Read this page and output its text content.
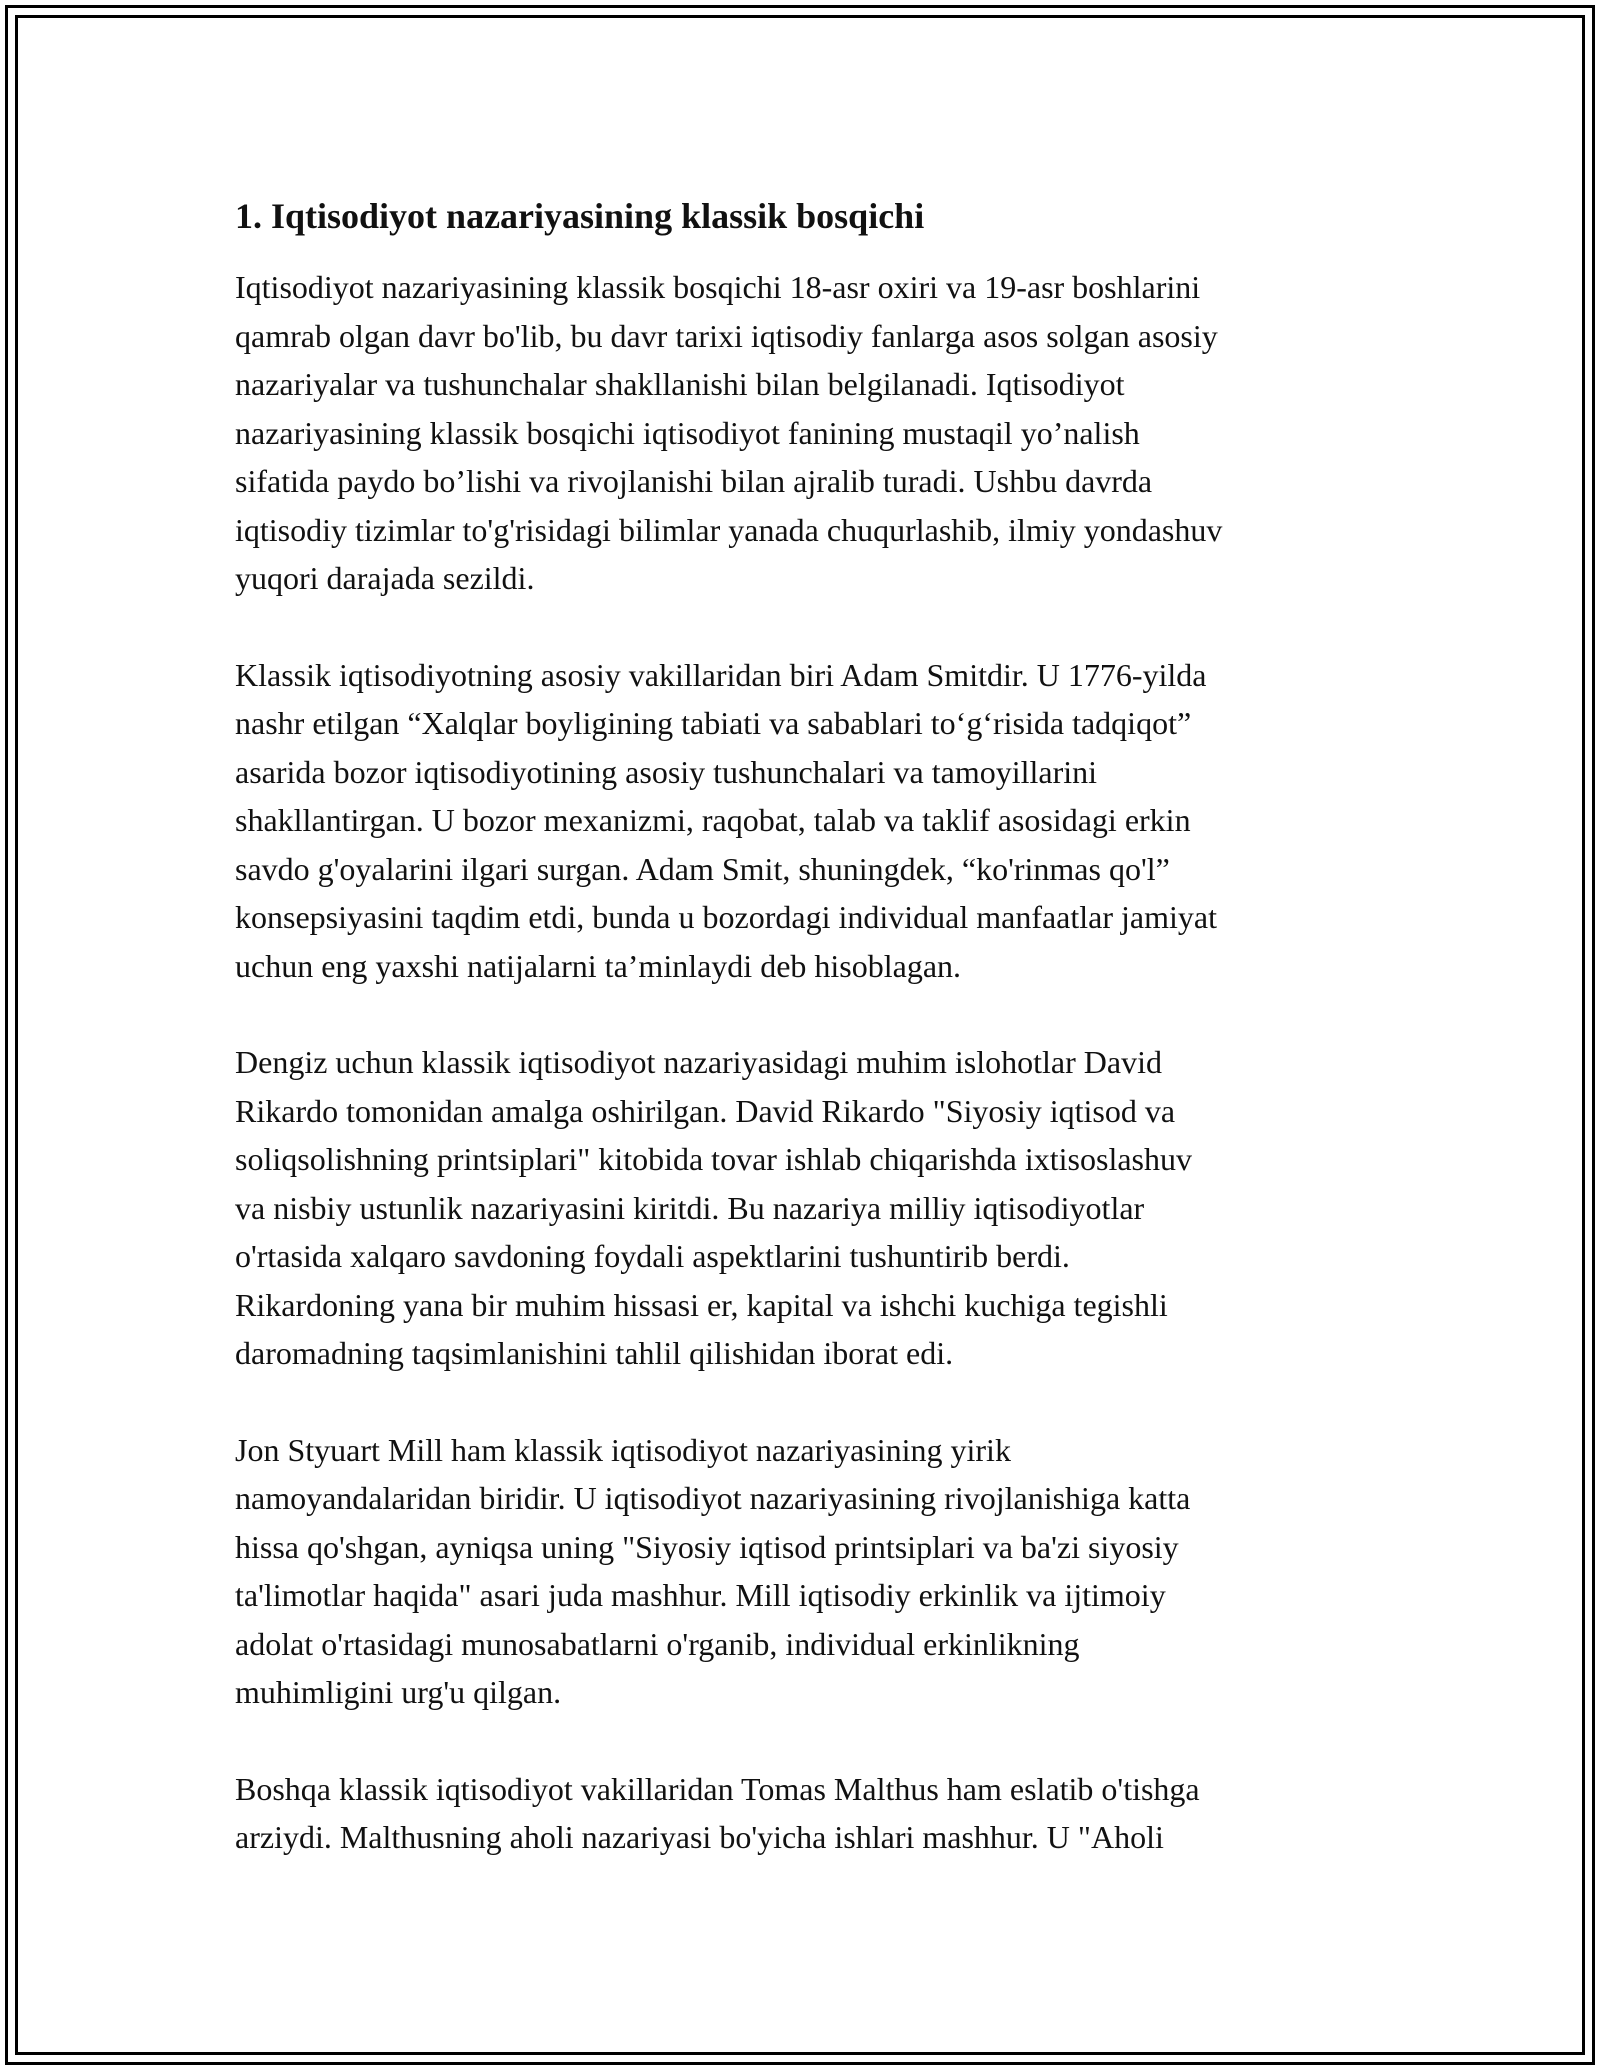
1. Iqtisodiyot nazariyasining klassik bosqichi

Iqtisodiyot nazariyasining klassik bosqichi 18-asr oxiri va 19-asr boshlarini
qamrab olgan davr bo'lib, bu davr tarixi iqtisodiy fanlarga asos solgan asosiy
nazariyalar va tushunchalar shakllanishi bilan belgilanadi. Iqtisodiyot
nazariyasining klassik bosqichi iqtisodiyot fanining mustaqil yo’nalish
sifatida paydo bo’lishi va rivojlanishi bilan ajralib turadi. Ushbu davrda
iqtisodiy tizimlar to'g'risidagi bilimlar yanada chuqurlashib, ilmiy yondashuv
yuqori darajada sezildi.

Klassik iqtisodiyotning asosiy vakillaridan biri Adam Smitdir. U 1776-yilda
nashr etilgan “Xalqlar boyligining tabiati va sabablari to‘g‘risida tadqiqot”
asarida bozor iqtisodiyotining asosiy tushunchalari va tamoyillarini
shakllantirgan. U bozor mexanizmi, raqobat, talab va taklif asosidagi erkin
savdo g'oyalarini ilgari surgan. Adam Smit, shuningdek, “ko'rinmas qo'l”
konsepsiyasini taqdim etdi, bunda u bozordagi individual manfaatlar jamiyat
uchun eng yaxshi natijalarni ta’minlaydi deb hisoblagan.

Dengiz uchun klassik iqtisodiyot nazariyasidagi muhim islohotlar David
Rikardo tomonidan amalga oshirilgan. David Rikardo "Siyosiy iqtisod va
soliqsolishning printsiplari" kitobida tovar ishlab chiqarishda ixtisoslashuv
va nisbiy ustunlik nazariyasini kiritdi. Bu nazariya milliy iqtisodiyotlar
o'rtasida xalqaro savdoning foydali aspektlarini tushuntirib berdi.
Rikardoning yana bir muhim hissasi er, kapital va ishchi kuchiga tegishli
daromadning taqsimlanishini tahlil qilishidan iborat edi.

Jon Styuart Mill ham klassik iqtisodiyot nazariyasining yirik
namoyandalaridan biridir. U iqtisodiyot nazariyasining rivojlanishiga katta
hissa qo'shgan, ayniqsa uning "Siyosiy iqtisod printsiplari va ba'zi siyosiy
ta'limotlar haqida" asari juda mashhur. Mill iqtisodiy erkinlik va ijtimoiy
adolat o'rtasidagi munosabatlarni o'rganib, individual erkinlikning
muhimligini urg'u qilgan.

Boshqa klassik iqtisodiyot vakillaridan Tomas Malthus ham eslatib o'tishga
arziydi. Malthusning aholi nazariyasi bo'yicha ishlari mashhur. U "Aholi
